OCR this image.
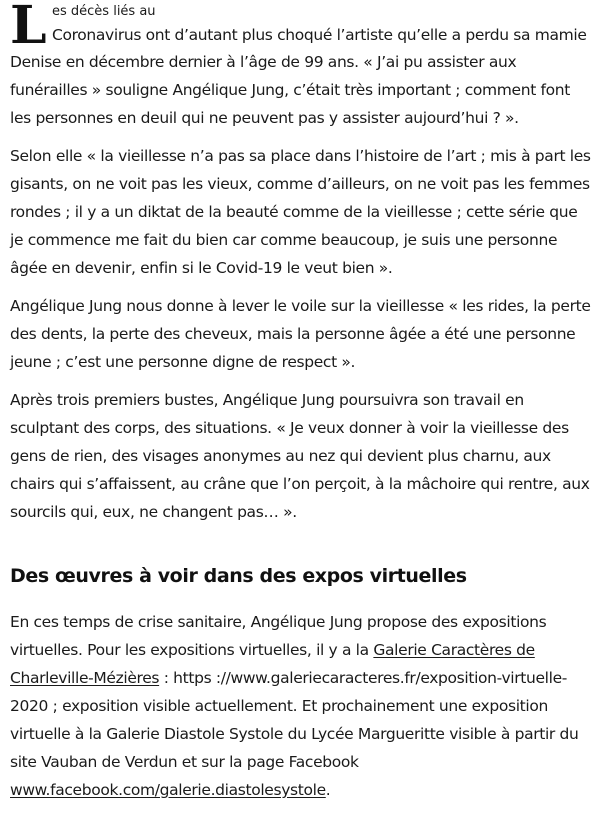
L es décès liés au
Coronavirus ont d’autant plus choqué l’artiste qu’elle a perdu sa mamie
Denise en décembre dernier à l’âge de 99 ans. « J’ai pu assister aux funérailles » souligne Angélique Jung, c’était très important ; comment font les personnes en deuil qui ne peuvent pas y assister aujourd’hui ? ».

Selon elle « la vieillesse n’a pas sa place dans l’histoire de l’art ; mis à part les gisants, on ne voit pas les vieux, comme d’ailleurs, on ne voit pas les femmes rondes ; il y a un diktat de la beauté comme de la vieillesse ; cette série que je commence me fait du bien car comme beaucoup, je suis une personne âgée en devenir, enfin si le Covid-19 le veut bien ».

Angélique Jung nous donne à lever le voile sur la vieillesse « les rides, la perte des dents, la perte des cheveux, mais la personne âgée a été une personne jeune ; c’est une personne digne de respect ».

Après trois premiers bustes, Angélique Jung poursuivra son travail en sculptant des corps, des situations. « Je veux donner à voir la vieillesse des gens de rien, des visages anonymes au nez qui devient plus charnu, aux chairs qui s’affaissent, au crâne que l’on perçoit, à la mâchoire qui rentre, aux sourcils qui, eux, ne changent pas… ».

Des œuvres à voir dans des expos virtuelles

En ces temps de crise sanitaire, Angélique Jung propose des expositions virtuelles. Pour les expositions virtuelles, il y a la Galerie Caractères de Charleville-Mézières : https ://www.galeriecaracteres.fr/exposition-virtuelle-2020 ; exposition visible actuellement. Et prochainement une exposition virtuelle à la Galerie Diastole Systole du Lycée Margueritte visible à partir du site Vauban de Verdun et sur la page Facebook www.facebook.com/galerie.diastolesystole.
